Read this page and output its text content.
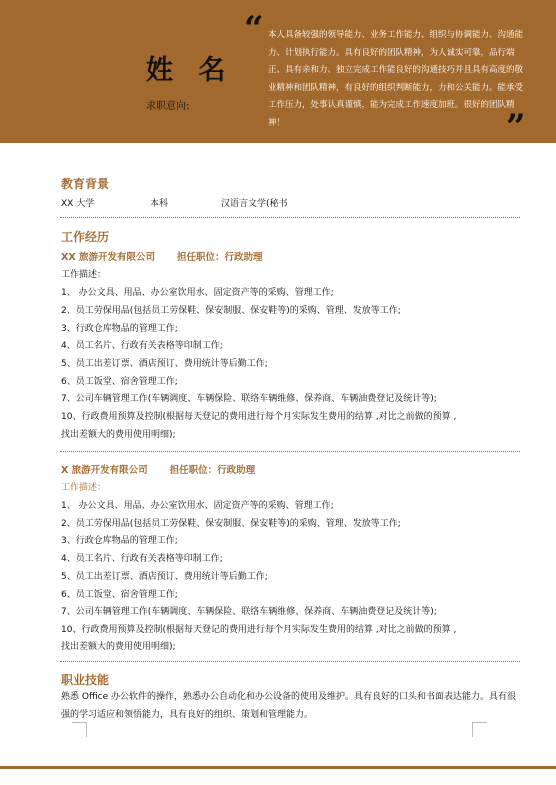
姓 名
求职意向:
“ 本人具备较强的领导能力、业务工作能力、组织与协调能力、沟通能力、计划执行能力。具有良好的团队精神，为人诚实可靠，品行端正、具有亲和力、独立完成工作能良好的沟通技巧并且具有高度的敬业精神和团队精神，有良好的组织判断能力，力和公关能力。能承受工作压力，处事认真谨慎，能为完成工作速度加班。很好的团队精神！	”
教育背景
XX 大学	本科	汉语言文学(秘书
工作经历
XX 旅游开发有限公司 担任职位：行政助理
工作描述：
1、 办公文具、用品、办公室饮用水、固定资产等的采购、管理工作;
2、员工劳保用品(包括员工劳保鞋、保安制服、保安鞋等)的采购、管理、发放等工作;
3、行政仓库物品的管理工作;
4、员工名片、行政有关表格等印制工作;
5、员工出差订票、酒店预订、费用统计等后勤工作;
6、员工饭堂、宿舍管理工作;
7、公司车辆管理工作(车辆调度、车辆保险、联络车辆维修、保养商、车辆油费登记及统计等);
10、行政费用预算及控制(根据每天登记的费用进行每个月实际发生费用的结算 ,对比之前做的预算 ,
找出差额大的费用使用明细);
X 旅游开发有限公司 担任职位：行政助理
工作描述：
1、 办公文具、用品、办公室饮用水、固定资产等的采购、管理工作;
2、员工劳保用品(包括员工劳保鞋、保安制服、保安鞋等)的采购、管理、发放等工作;
3、行政仓库物品的管理工作;
4、员工名片、行政有关表格等印制工作;
5、员工出差订票、酒店预订、费用统计等后勤工作;
6、员工饭堂、宿舍管理工作;
7、公司车辆管理工作(车辆调度、车辆保险、联络车辆维修、保养商、车辆油费登记及统计等);
10、行政费用预算及控制(根据每天登记的费用进行每个月实际发生费用的结算 ,对比之前做的预算 ,
找出差额大的费用使用明细);
职业技能
熟悉 Office 办公软件的操作，熟悉办公自动化和办公设备的使用及维护。具有良好的口头和书面表达能力。具有很强的学习适应和领悟能力，具有良好的组织、策划和管理能力。
